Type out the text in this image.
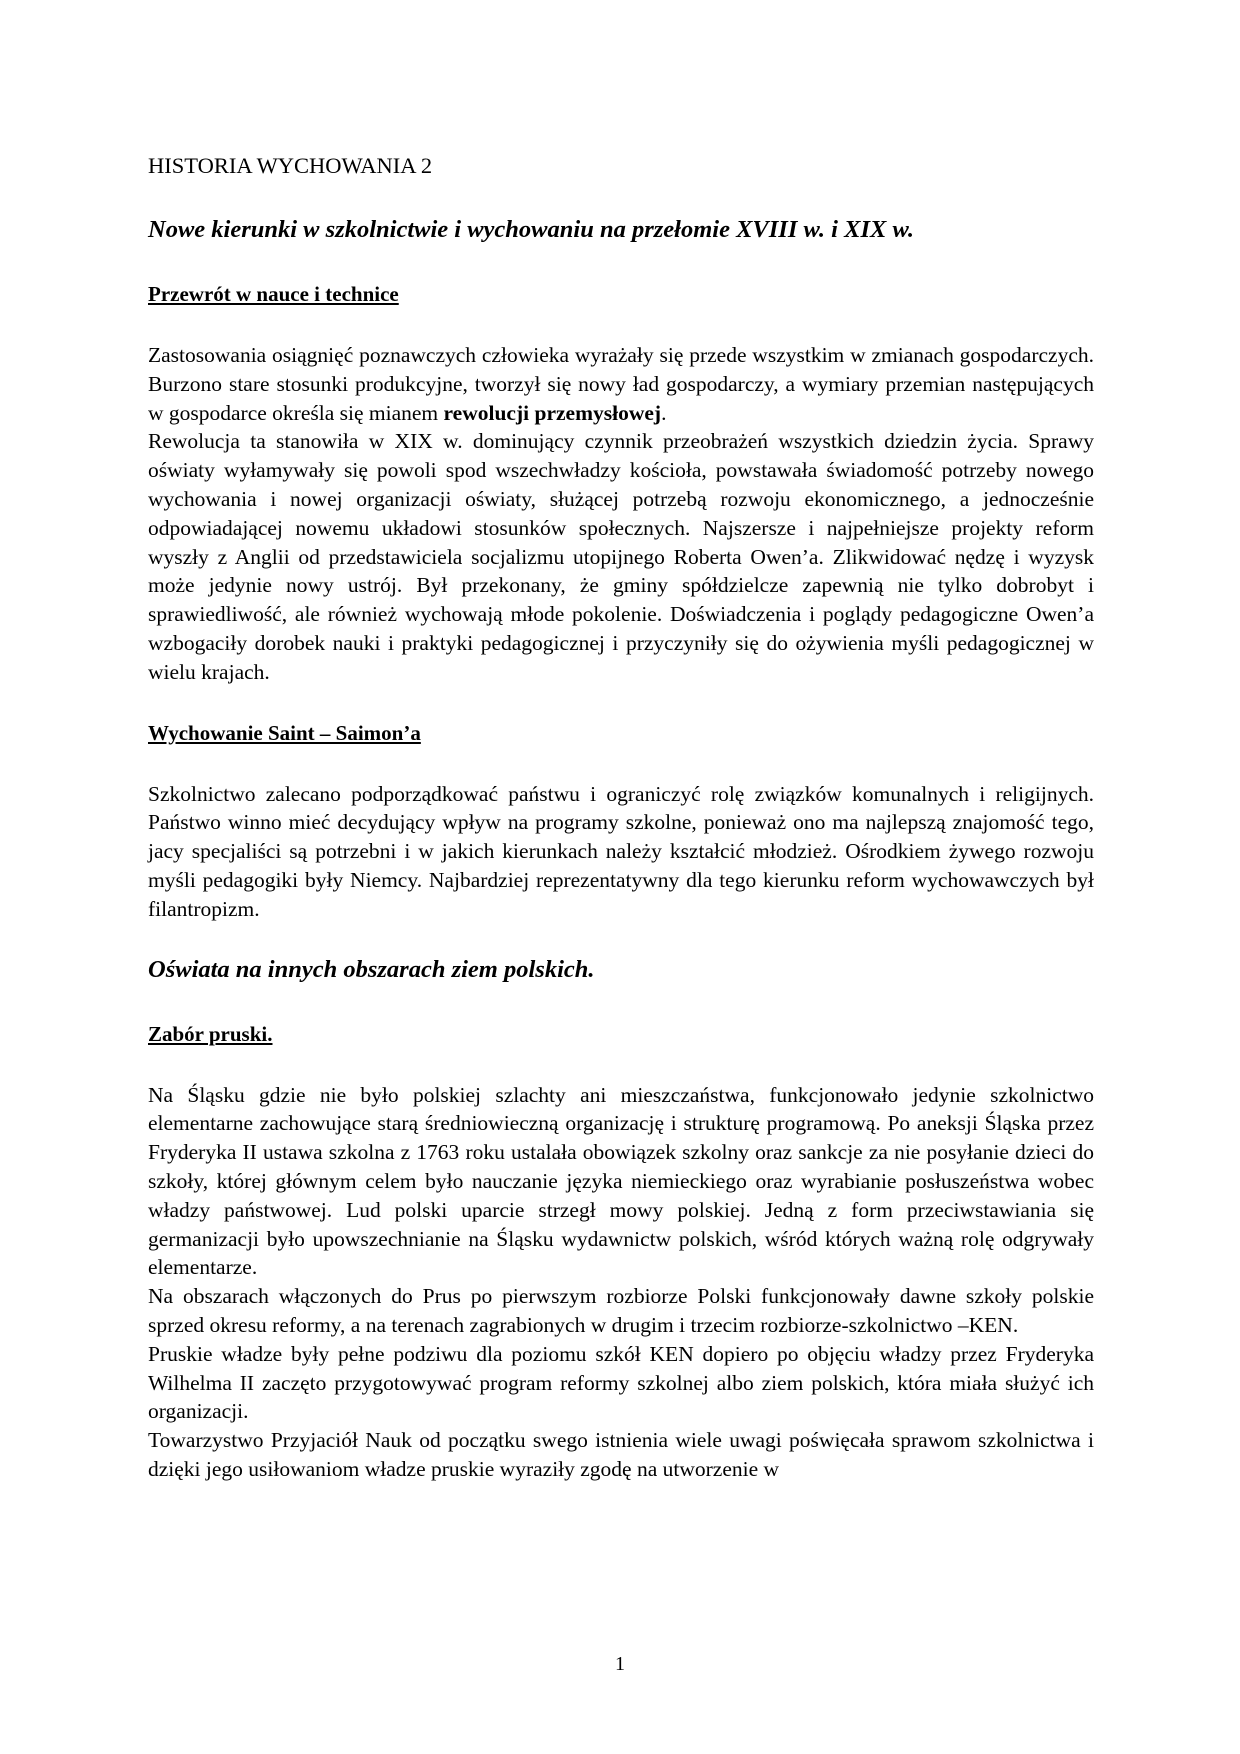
HISTORIA WYCHOWANIA 2
Nowe kierunki w szkolnictwie i wychowaniu na przełomie XVIII w. i XIX w.
Przewrót w nauce i technice

Zastosowania osiągnięć poznawczych człowieka wyrażały się przede wszystkim w zmianach gospodarczych. Burzono stare stosunki produkcyjne, tworzył się nowy ład gospodarczy, a wymiary przemian następujących w gospodarce określa się mianem rewolucji przemysłowej.

Rewolucja ta stanowiła w XIX w. dominujący czynnik przeobrażeń wszystkich dziedzin życia. Sprawy oświaty wyłamywały się powoli spod wszechwładzy kościoła, powstawała świadomość potrzeby nowego wychowania i nowej organizacji oświaty, służącej potrzebą rozwoju ekonomicznego, a jednocześnie odpowiadającej nowemu układowi stosunków społecznych. Najszersze i najpełniejsze projekty reform wyszły z Anglii od przedstawiciela socjalizmu utopijnego Roberta Owen’a. Zlikwidować nędzę i wyzysk może jedynie nowy ustrój. Był przekonany, że gminy spółdzielcze zapewnią nie tylko dobrobyt i sprawiedliwość, ale również wychowają młode pokolenie. Doświadczenia i poglądy pedagogiczne Owen’a wzbogaciły dorobek nauki i praktyki pedagogicznej i przyczyniły się do ożywienia myśli pedagogicznej w wielu krajach.

Wychowanie Saint – Saimon’a

Szkolnictwo zalecano podporządkować państwu i ograniczyć rolę związków komunalnych i religijnych. Państwo winno mieć decydujący wpływ na programy szkolne, ponieważ ono ma najlepszą znajomość tego, jacy specjaliści są potrzebni i w jakich kierunkach należy kształcić młodzież. Ośrodkiem żywego rozwoju myśli pedagogiki były Niemcy. Najbardziej reprezentatywny dla tego kierunku reform wychowawczych był filantropizm.

Oświata na innych obszarach ziem polskich.
Zabór pruski.

Na Śląsku gdzie nie było polskiej szlachty ani mieszczaństwa, funkcjonowało jedynie szkolnictwo elementarne zachowujące starą średniowieczną organizację i strukturę programową. Po aneksji Śląska przez Fryderyka II ustawa szkolna z 1763 roku ustalała obowiązek szkolny oraz sankcje za nie posyłanie dzieci do szkoły, której głównym celem było nauczanie języka niemieckiego oraz wyrabianie posłuszeństwa wobec władzy państwowej. Lud polski uparcie strzegł mowy polskiej. Jedną z form przeciwstawiania się germanizacji było upowszechnianie na Śląsku wydawnictw polskich, wśród których ważną rolę odgrywały elementarze.

Na obszarach włączonych do Prus po pierwszym rozbiorze Polski funkcjonowały dawne szkoły polskie sprzed okresu reformy, a na terenach zagrabionych w drugim i trzecim rozbiorze-szkolnictwo –KEN.

Pruskie władze były pełne podziwu dla poziomu szkół KEN dopiero po objęciu władzy przez Fryderyka Wilhelma II zaczęto przygotowywać program reformy szkolnej albo ziem polskich, która miała służyć ich organizacji.

Towarzystwo Przyjaciół Nauk od początku swego istnienia wiele uwagi poświęcała sprawom szkolnictwa i dzięki jego usiłowaniom władze pruskie wyraziły zgodę na utworzenie w

1
